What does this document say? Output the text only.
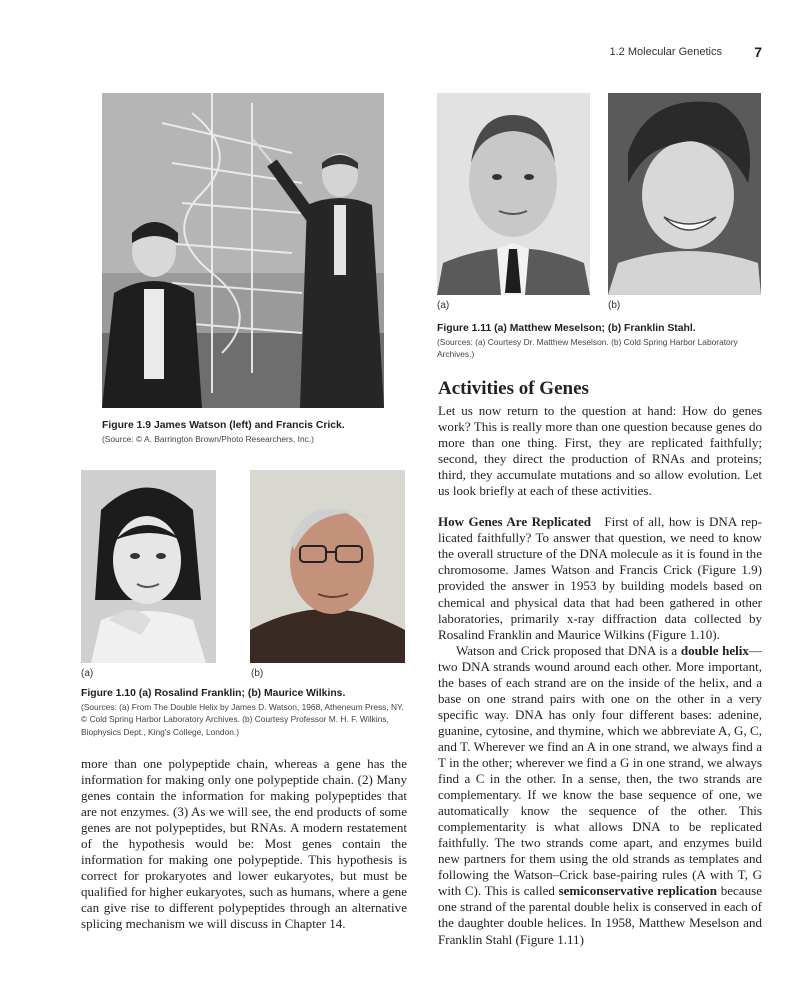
1.2 Molecular Genetics 7
Figure 1.9 James Watson (left) and Francis Crick.
(Source: © A. Barrington Brown/Photo Researchers, Inc.)
(a)	(b)
Figure 1.10 (a) Rosalind Franklin; (b) Maurice Wilkins.
(Sources: (a) From The Double Helix by James D. Watson, 1968, Atheneum Press, NY. © Cold Spring Harbor Laboratory Archives. (b) Courtesy Professor M. H. F. Wilkins, Biophysics Dept., King's College, London.)
(a)	(b)
Figure 1.11 (a) Matthew Meselson; (b) Franklin Stahl.
(Sources: (a) Courtesy Dr. Matthew Meselson. (b) Cold Spring Harbor Laboratory Archives.)

more than one polypeptide chain, whereas a gene has the information for making only one polypeptide chain. (2) Many genes contain the information for making polypeptides that are not enzymes. (3) As we will see, the end products of some genes are not polypeptides, but RNAs. A modern restatement of the hypothesis would be: Most genes contain the information for making one polypeptide. This hypothesis is correct for prokaryotes and lower eukaryotes, but must be qualified for higher eukaryotes, such as humans, where a gene can give rise to different polypeptides through an alternative splicing mechanism we will discuss in Chapter 14.

Activities of Genes

Let us now return to the question at hand: How do genes work? This is really more than one question because genes do more than one thing. First, they are replicated faithfully; second, they direct the production of RNAs and proteins; third, they accumulate mutations and so allow evolution. Let us look briefly at each of these activities.

How Genes Are Replicated First of all, how is DNA replicated faithfully? To answer that question, we need to know the overall structure of the DNA molecule as it is found in the chromosome. James Watson and Francis Crick (Figure 1.9) provided the answer in 1953 by building models based on chemical and physical data that had been gathered in other laboratories, primarily x-ray diffraction data collected by Rosalind Franklin and Maurice Wilkins (Figure 1.10).

Watson and Crick proposed that DNA is a double helix—two DNA strands wound around each other. More important, the bases of each strand are on the inside of the helix, and a base on one strand pairs with one on the other in a very specific way. DNA has only four different bases: adenine, guanine, cytosine, and thymine, which we abbreviate A, G, C, and T. Wherever we find an A in one strand, we always find a T in the other; wherever we find a G in one strand, we always find a C in the other. In a sense, then, the two strands are complementary. If we know the base sequence of one, we automatically know the sequence of the other. This complementarity is what allows DNA to be replicated faithfully. The two strands come apart, and enzymes build new partners for them using the old strands as templates and following the Watson–Crick base-pairing rules (A with T, G with C). This is called semiconservative replication because one strand of the parental double helix is conserved in each of the daughter double helices. In 1958, Matthew Meselson and Franklin Stahl (Figure 1.11)
